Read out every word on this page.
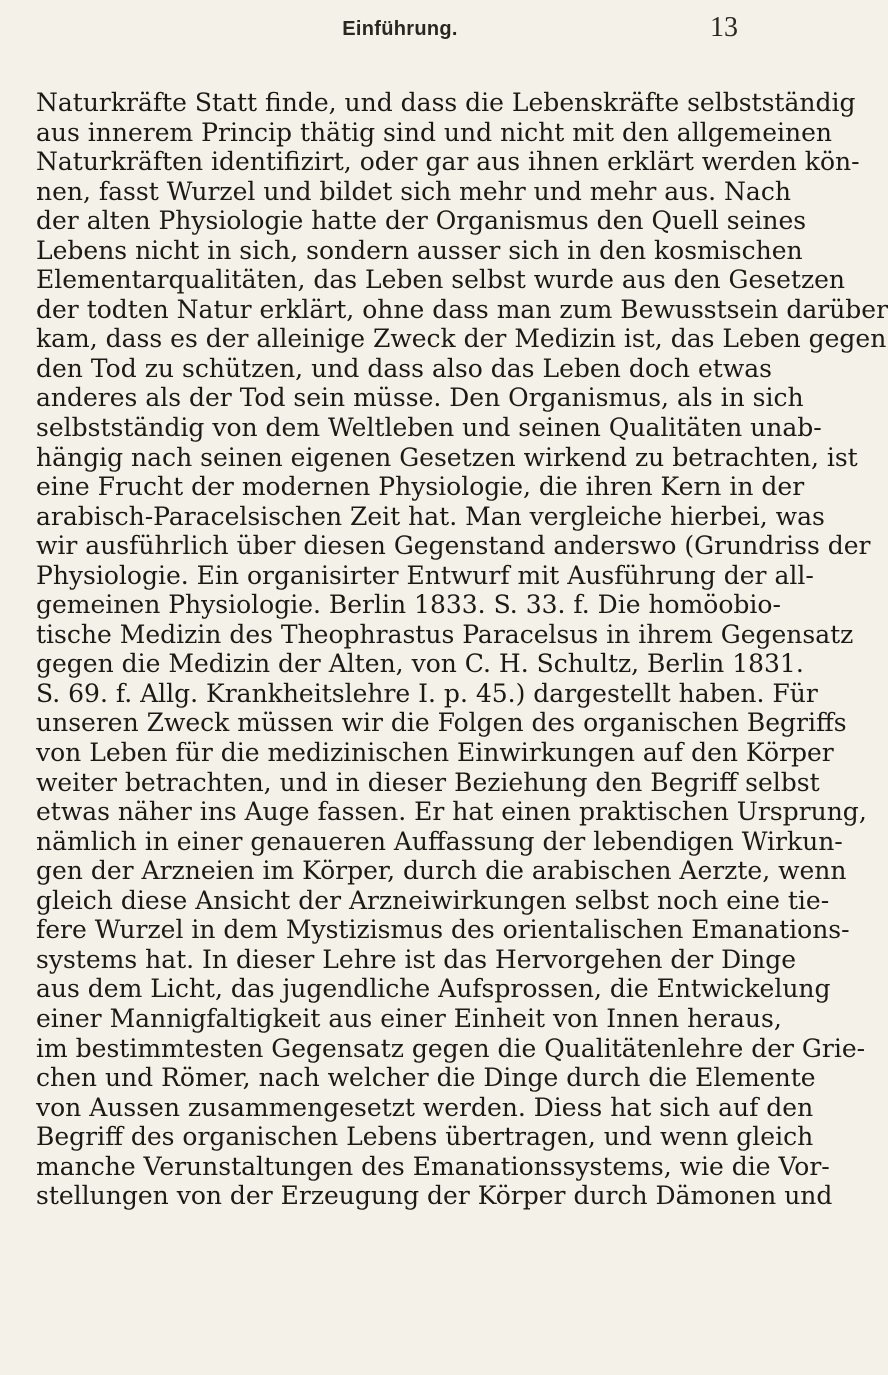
Einführung.	13
Naturkräfte Statt finde, und dass die Lebenskräfte selbstständig
aus innerem Princip thätig sind und nicht mit den allgemeinen
Naturkräften identifizirt, oder gar aus ihnen erklärt werden kön-
nen, fasst Wurzel und bildet sich mehr und mehr aus. Nach
der alten Physiologie hatte der Organismus den Quell seines
Lebens nicht in sich, sondern ausser sich in den kosmischen
Elementarqualitäten, das Leben selbst wurde aus den Gesetzen
der todten Natur erklärt, ohne dass man zum Bewusstsein darüber
kam, dass es der alleinige Zweck der Medizin ist, das Leben gegen
den Tod zu schützen, und dass also das Leben doch etwas
anderes als der Tod sein müsse. Den Organismus, als in sich
selbstständig von dem Weltleben und seinen Qualitäten unab-
hängig nach seinen eigenen Gesetzen wirkend zu betrachten, ist
eine Frucht der modernen Physiologie, die ihren Kern in der
arabisch-Paracelsischen Zeit hat. Man vergleiche hierbei, was
wir ausführlich über diesen Gegenstand anderswo (Grundriss der
Physiologie. Ein organisirter Entwurf mit Ausführung der all-
gemeinen Physiologie. Berlin 1833. S. 33. f. Die homöobio-
tische Medizin des Theophrastus Paracelsus in ihrem Gegensatz
gegen die Medizin der Alten, von C. H. Schultz, Berlin 1831.
S. 69. f. Allg. Krankheitslehre I. p. 45.) dargestellt haben. Für
unseren Zweck müssen wir die Folgen des organischen Begriffs
von Leben für die medizinischen Einwirkungen auf den Körper
weiter betrachten, und in dieser Beziehung den Begriff selbst
etwas näher ins Auge fassen. Er hat einen praktischen Ursprung,
nämlich in einer genaueren Auffassung der lebendigen Wirkun-
gen der Arzneien im Körper, durch die arabischen Aerzte, wenn
gleich diese Ansicht der Arzneiwirkungen selbst noch eine tie-
fere Wurzel in dem Mystizismus des orientalischen Emanations-
systems hat. In dieser Lehre ist das Hervorgehen der Dinge
aus dem Licht, das jugendliche Aufsprossen, die Entwickelung
einer Mannigfaltigkeit aus einer Einheit von Innen heraus,
im bestimmtesten Gegensatz gegen die Qualitätenlehre der Grie-
chen und Römer, nach welcher die Dinge durch die Elemente
von Aussen zusammengesetzt werden. Diess hat sich auf den
Begriff des organischen Lebens übertragen, und wenn gleich
manche Verunstaltungen des Emanationssystems, wie die Vor-
stellungen von der Erzeugung der Körper durch Dämonen und
